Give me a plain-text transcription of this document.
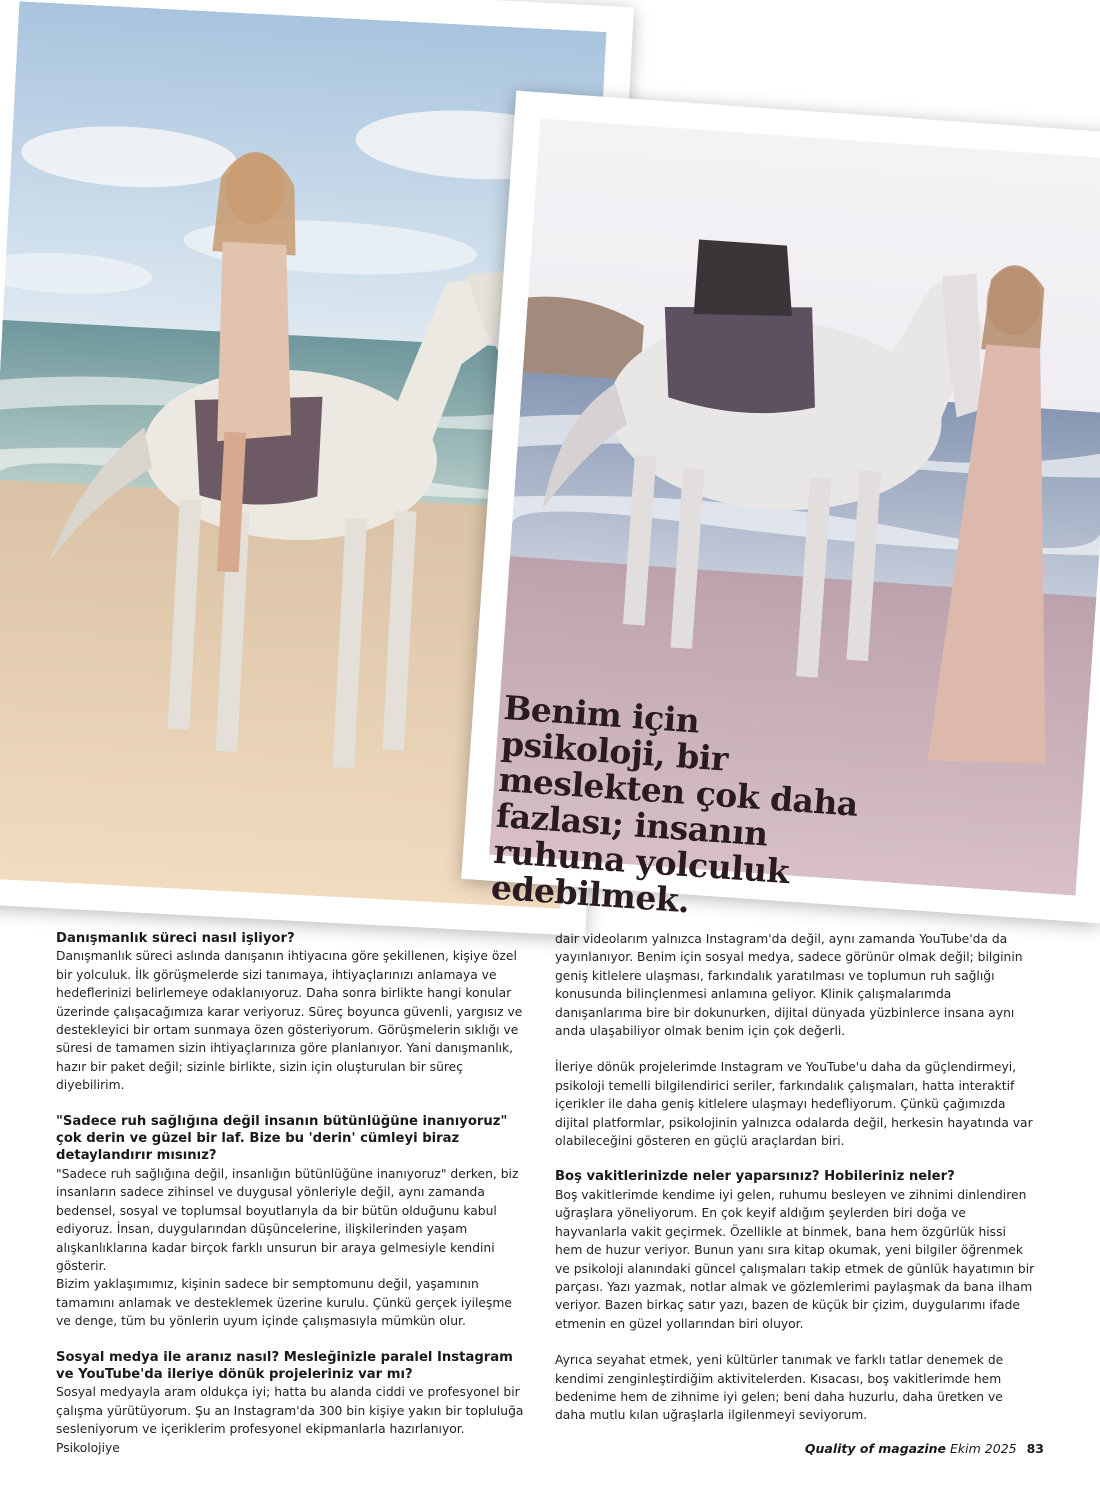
Benim için psikoloji, bir meslekten çok daha fazlası; insanın ruhuna yolculuk edebilmek.

Danışmanlık süreci nasıl işliyor?

Danışmanlık süreci aslında danışanın ihtiyacına göre şekillenen, kişiye özel bir yolculuk. İlk görüşmelerde sizi tanımaya, ihtiyaçlarınızı anlamaya ve hedeflerinizi belirlemeye odaklanıyoruz. Daha sonra birlikte hangi konular üzerinde çalışacağımıza karar veriyoruz. Süreç boyunca güvenli, yargısız ve destekleyici bir ortam sunmaya özen gösteriyorum. Görüşmelerin sıklığı ve süresi de tamamen sizin ihtiyaçlarınıza göre planlanıyor. Yani danışmanlık, hazır bir paket değil; sizinle birlikte, sizin için oluşturulan bir süreç diyebilirim.

"Sadece ruh sağlığına değil insanın bütünlüğüne inanıyoruz" çok derin ve güzel bir laf. Bize bu 'derin' cümleyi biraz detaylandırır mısınız?

"Sadece ruh sağlığına değil, insanlığın bütünlüğüne inanıyoruz" derken, biz insanların sadece zihinsel ve duygusal yönleriyle değil, aynı zamanda bedensel, sosyal ve toplumsal boyutlarıyla da bir bütün olduğunu kabul ediyoruz. İnsan, duygularından düşüncelerine, ilişkilerinden yaşam alışkanlıklarına kadar birçok farklı unsurun bir araya gelmesiyle kendini gösterir.

Bizim yaklaşımımız, kişinin sadece bir semptomunu değil, yaşamının tamamını anlamak ve desteklemek üzerine kurulu. Çünkü gerçek iyileşme ve denge, tüm bu yönlerin uyum içinde çalışmasıyla mümkün olur.

Sosyal medya ile aranız nasıl? Mesleğinizle paralel Instagram ve YouTube'da ileriye dönük projeleriniz var mı?

Sosyal medyayla aram oldukça iyi; hatta bu alanda ciddi ve profesyonel bir çalışma yürütüyorum. Şu an Instagram'da 300 bin kişiye yakın bir topluluğa sesleniyorum ve içeriklerim profesyonel ekipmanlarla hazırlanıyor. Psikolojiye

dair videolarım yalnızca Instagram'da değil, aynı zamanda YouTube'da da yayınlanıyor. Benim için sosyal medya, sadece görünür olmak değil; bilginin geniş kitlelere ulaşması, farkındalık yaratılması ve toplumun ruh sağlığı konusunda bilinçlenmesi anlamına geliyor. Klinik çalışmalarımda danışanlarıma bire bir dokunurken, dijital dünyada yüzbinlerce insana aynı anda ulaşabiliyor olmak benim için çok değerli.

İleriye dönük projelerimde Instagram ve YouTube'u daha da güçlendirmeyi, psikoloji temelli bilgilendirici seriler, farkındalık çalışmaları, hatta interaktif içerikler ile daha geniş kitlelere ulaşmayı hedefliyorum. Çünkü çağımızda dijital platformlar, psikolojinin yalnızca odalarda değil, herkesin hayatında var olabileceğini gösteren en güçlü araçlardan biri.

Boş vakitlerinizde neler yaparsınız? Hobileriniz neler?

Boş vakitlerimde kendime iyi gelen, ruhumu besleyen ve zihnimi dinlendiren uğraşlara yöneliyorum. En çok keyif aldığım şeylerden biri doğa ve hayvanlarla vakit geçirmek. Özellikle at binmek, bana hem özgürlük hissi hem de huzur veriyor. Bunun yanı sıra kitap okumak, yeni bilgiler öğrenmek ve psikoloji alanındaki güncel çalışmaları takip etmek de günlük hayatımın bir parçası. Yazı yazmak, notlar almak ve gözlemlerimi paylaşmak da bana ilham veriyor. Bazen birkaç satır yazı, bazen de küçük bir çizim, duygularımı ifade etmenin en güzel yollarından biri oluyor.

Ayrıca seyahat etmek, yeni kültürler tanımak ve farklı tatlar denemek de kendimi zenginleştirdiğim aktivitelerden. Kısacası, boş vakitlerimde hem bedenime hem de zihnime iyi gelen; beni daha huzurlu, daha üretken ve daha mutlu kılan uğraşlarla ilgilenmeyi seviyorum.

Quality of magazine Ekim 2025 83
